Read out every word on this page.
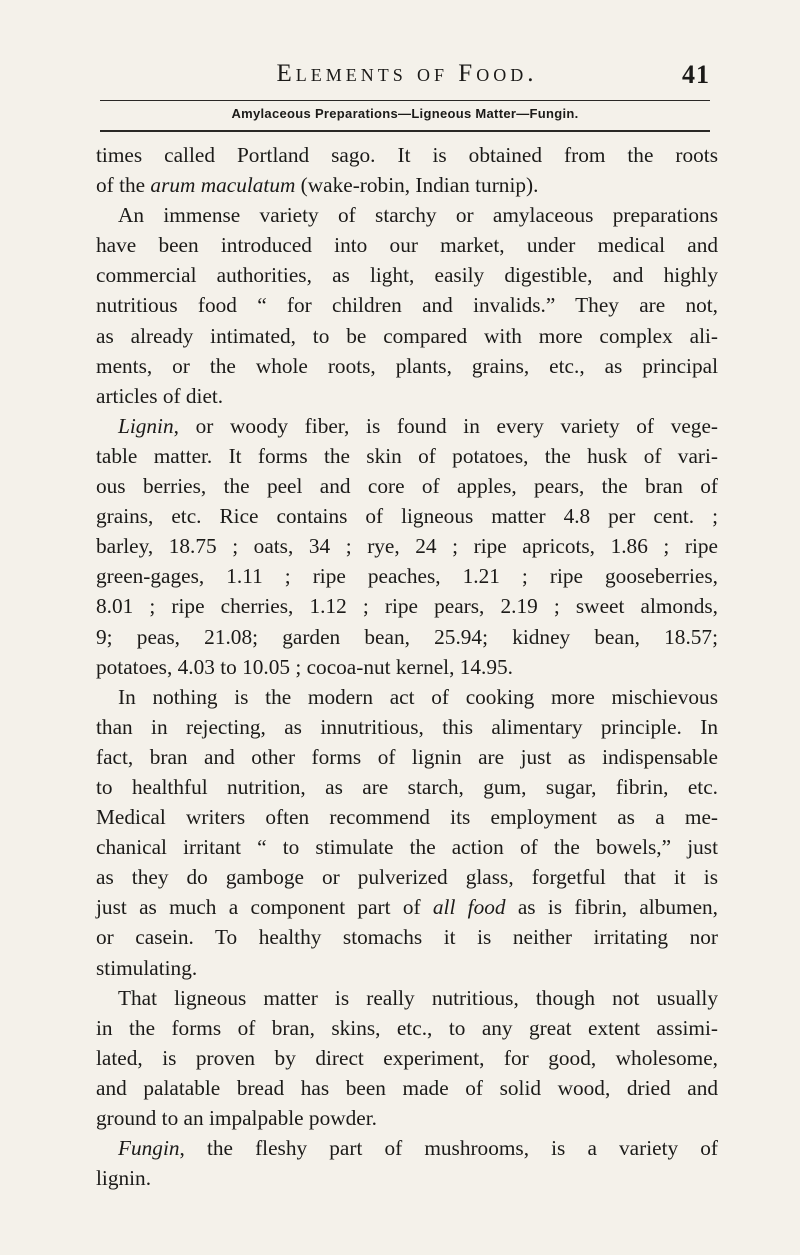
Elements of Food.	41
Amylaceous Preparations—Ligneous Matter—Fungin.
times called Portland sago. It is obtained from the roots
of the arum maculatum (wake-robin, Indian turnip).
An immense variety of starchy or amylaceous preparations
have been introduced into our market, under medical and
commercial authorities, as light, easily digestible, and highly
nutritious food “ for children and invalids.” They are not,
as already intimated, to be compared with more complex ali-
ments, or the whole roots, plants, grains, etc., as principal
articles of diet.
Lignin, or woody fiber, is found in every variety of vege-
table matter. It forms the skin of potatoes, the husk of vari-
ous berries, the peel and core of apples, pears, the bran of
grains, etc. Rice contains of ligneous matter 4.8 per cent. ;
barley, 18.75 ; oats, 34 ; rye, 24 ; ripe apricots, 1.86 ; ripe
green-gages, 1.11 ; ripe peaches, 1.21 ; ripe gooseberries,
8.01 ; ripe cherries, 1.12 ; ripe pears, 2.19 ; sweet almonds,
9; peas, 21.08; garden bean, 25.94; kidney bean, 18.57;
potatoes, 4.03 to 10.05 ; cocoa-nut kernel, 14.95.
In nothing is the modern act of cooking more mischievous
than in rejecting, as innutritious, this alimentary principle. In
fact, bran and other forms of lignin are just as indispensable
to healthful nutrition, as are starch, gum, sugar, fibrin, etc.
Medical writers often recommend its employment as a me-
chanical irritant “ to stimulate the action of the bowels,” just
as they do gamboge or pulverized glass, forgetful that it is
just as much a component part of all food as is fibrin, albumen,
or casein. To healthy stomachs it is neither irritating nor
stimulating.
That ligneous matter is really nutritious, though not usually
in the forms of bran, skins, etc., to any great extent assimi-
lated, is proven by direct experiment, for good, wholesome,
and palatable bread has been made of solid wood, dried and
ground to an impalpable powder.
Fungin, the fleshy part of mushrooms, is a variety of
lignin.
